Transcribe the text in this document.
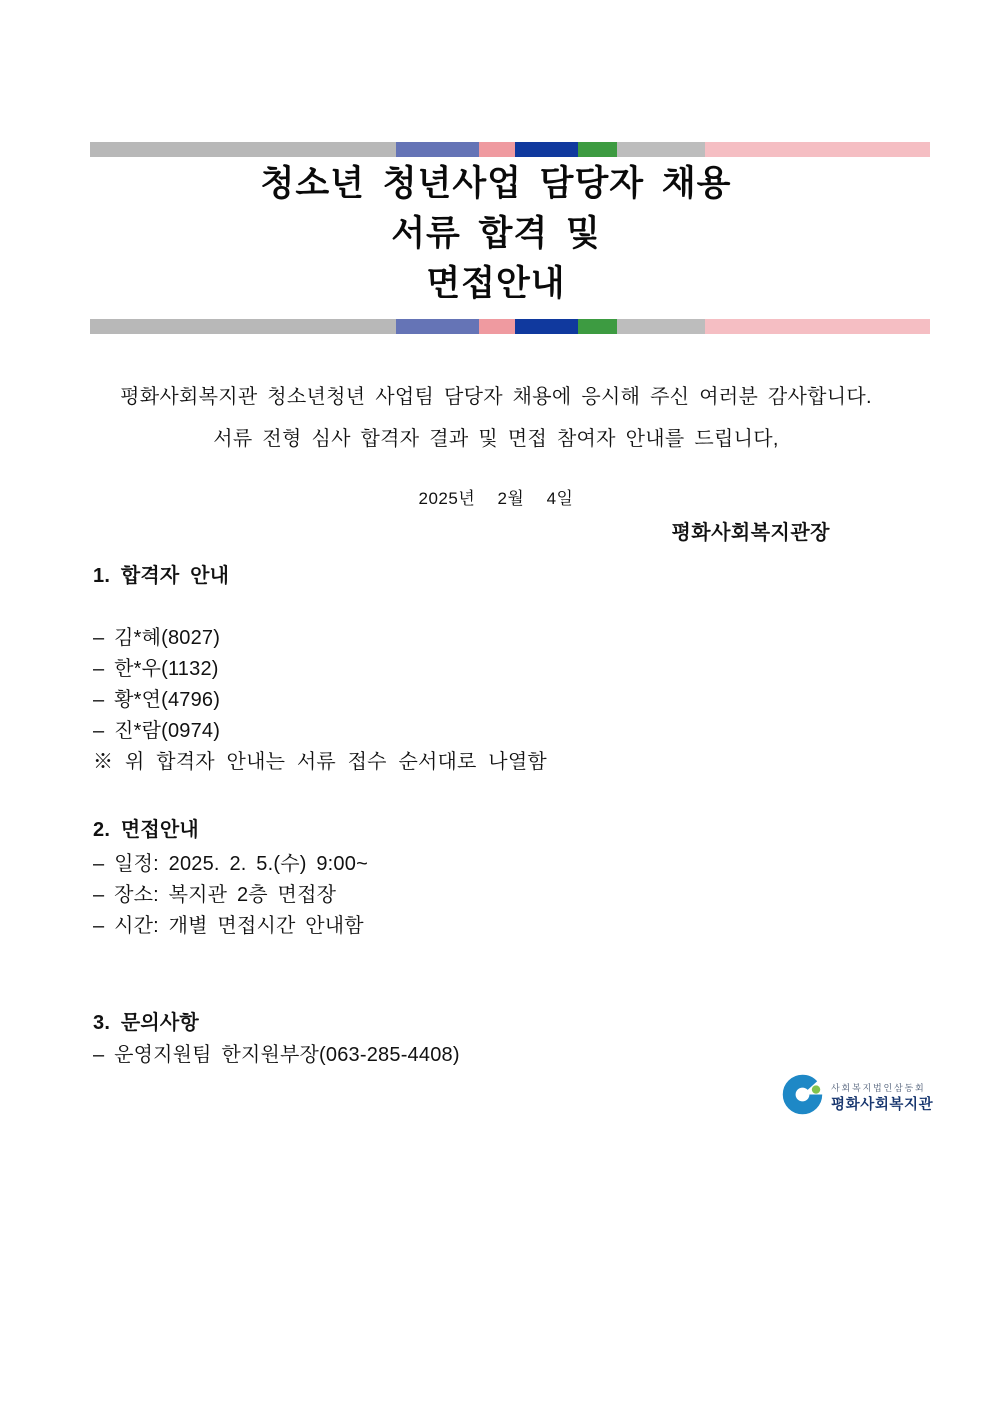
청소년 청년사업 담당자 채용
서류 합격 및
면접안내
평화사회복지관 청소년청년 사업팀 담당자 채용에 응시해 주신 여러분 감사합니다.
서류 전형 심사 합격자 결과 및 면접 참여자 안내를 드립니다,
2025년 2월 4일
평화사회복지관장
1. 합격자 안내
– 김*혜(8027)
– 한*우(1132)
– 황*연(4796)
– 진*람(0974)
※ 위 합격자 안내는 서류 접수 순서대로 나열함
2. 면접안내
– 일정: 2025. 2. 5.(수) 9:00~
– 장소: 복지관 2층 면접장
– 시간: 개별 면접시간 안내함
3. 문의사항
– 운영지원팀 한지원부장(063-285-4408)
사회복지법인삼동회
평화사회복지관
